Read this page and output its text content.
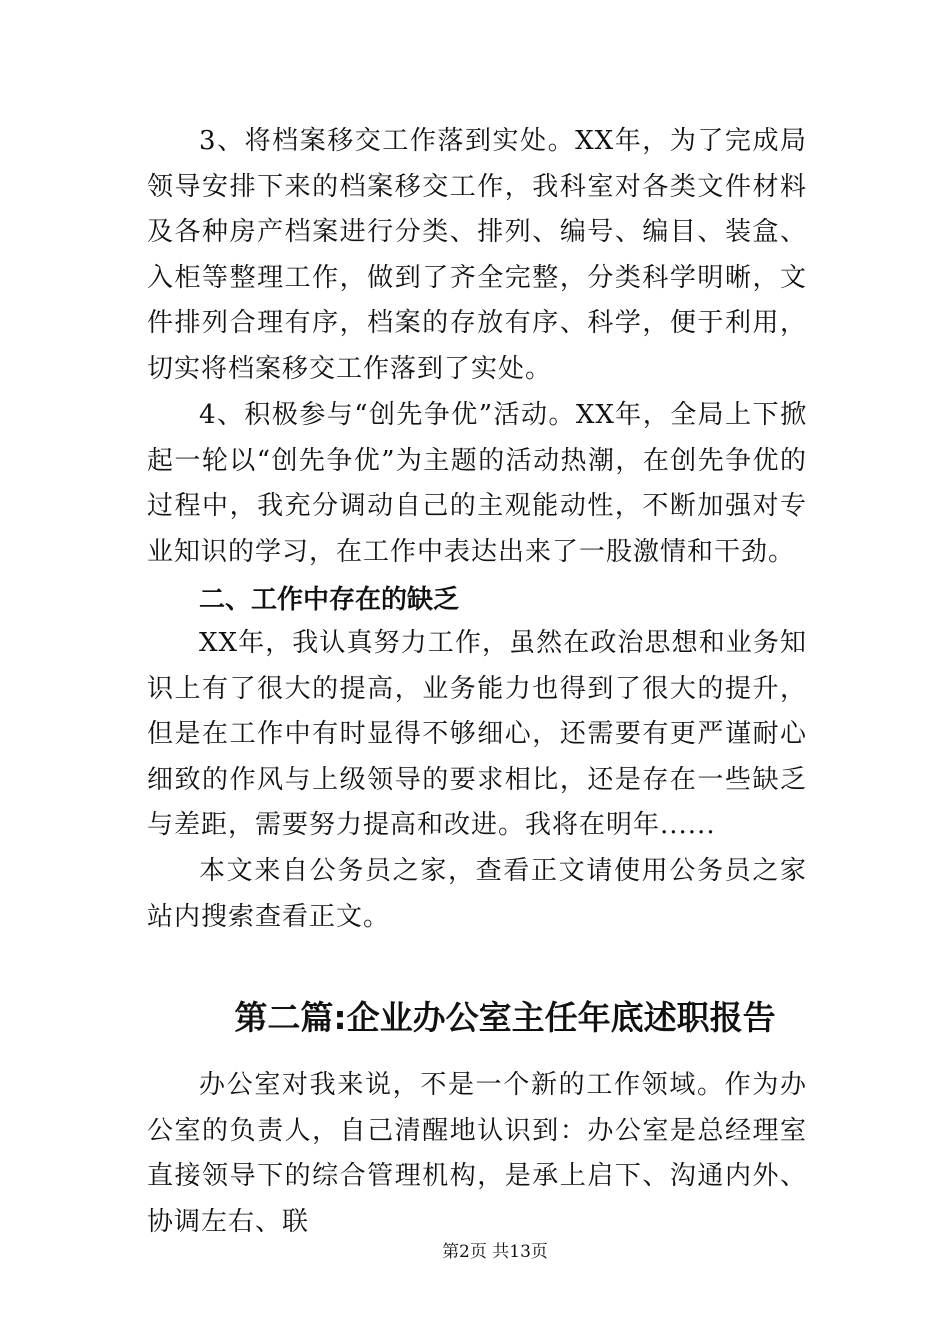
3、将档案移交工作落到实处。XX年，为了完成局领导安排下来的档案移交工作，我科室对各类文件材料及各种房产档案进行分类、排列、编号、编目、装盒、入柜等整理工作，做到了齐全完整，分类科学明晰，文件排列合理有序，档案的存放有序、科学，便于利用，切实将档案移交工作落到了实处。

4、积极参与“创先争优”活动。XX年，全局上下掀起一轮以“创先争优”为主题的活动热潮，在创先争优的过程中，我充分调动自己的主观能动性，不断加强对专业知识的学习，在工作中表达出来了一股激情和干劲。

二、工作中存在的缺乏

XX年，我认真努力工作，虽然在政治思想和业务知识上有了很大的提高，业务能力也得到了很大的提升，但是在工作中有时显得不够细心，还需要有更严谨耐心细致的作风与上级领导的要求相比，还是存在一些缺乏与差距，需要努力提高和改进。我将在明年......

本文来自公务员之家，查看正文请使用公务员之家站内搜索查看正文。

第二篇:企业办公室主任年底述职报告

办公室对我来说，不是一个新的工作领域。作为办公室的负责人，自己清醒地认识到：办公室是总经理室直接领导下的综合管理机构，是承上启下、沟通内外、协调左右、联

第2页 共13页
